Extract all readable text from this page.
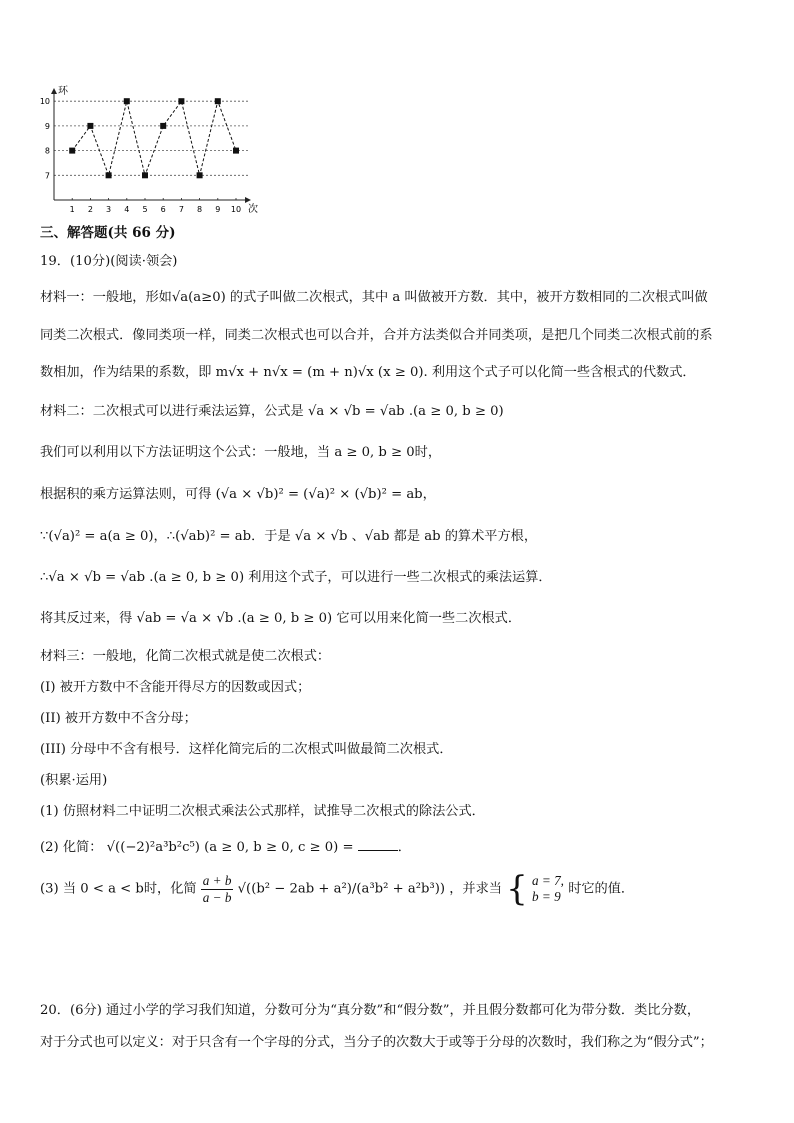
7
8
9
10
1 2 3 4 5 6 7 8 9 10
环
次
三、解答题(共 66 分)
19．(10分)(阅读·领会)
材料一：一般地，形如√a(a≥0) 的式子叫做二次根式，其中 a 叫做被开方数．其中，被开方数相同的二次根式叫做
同类二次根式．像同类项一样，同类二次根式也可以合并，合并方法类似合并同类项，是把几个同类二次根式前的系
数相加，作为结果的系数，即 m√x + n√x = (m + n)√x (x ≥ 0). 利用这个式子可以化简一些含根式的代数式．
材料二：二次根式可以进行乘法运算，公式是 √a × √b = √ab .(a ≥ 0, b ≥ 0)
我们可以利用以下方法证明这个公式：一般地，当 a ≥ 0, b ≥ 0时，
根据积的乘方运算法则，可得 (√a × √b)² = (√a)² × (√b)² = ab，
∵(√a)² = a(a ≥ 0)，∴(√ab)² = ab．于是 √a × √b 、√ab 都是 ab 的算术平方根，
∴√a × √b = √ab .(a ≥ 0, b ≥ 0) 利用这个式子，可以进行一些二次根式的乘法运算．
将其反过来，得 √ab = √a × √b .(a ≥ 0, b ≥ 0) 它可以用来化简一些二次根式．
材料三：一般地，化简二次根式就是使二次根式：
(I) 被开方数中不含能开得尽方的因数或因式；
(II) 被开方数中不含分母；
(III) 分母中不含有根号．这样化简完后的二次根式叫做最简二次根式．
(积累·运用)
(1) 仿照材料二中证明二次根式乘法公式那样，试推导二次根式的除法公式．
(2) 化简： √((−2)²a³b²c⁵) (a ≥ 0, b ≥ 0, c ≥ 0) =	．
(3) 当 0 < a < b时，化简 $\frac{a + b}{a - b} √((b^2 - 2ab + a^2)/(a^3b^2 + a^2b^3))$ ，并求当 { a = 7,
b = 9 时它的值．
20．(6分) 通过小学的学习我们知道，分数可分为“真分数”和“假分数”，并且假分数都可化为带分数．类比分数，
对于分式也可以定义：对于只含有一个字母的分式，当分子的次数大于或等于分母的次数时，我们称之为“假分式”；
